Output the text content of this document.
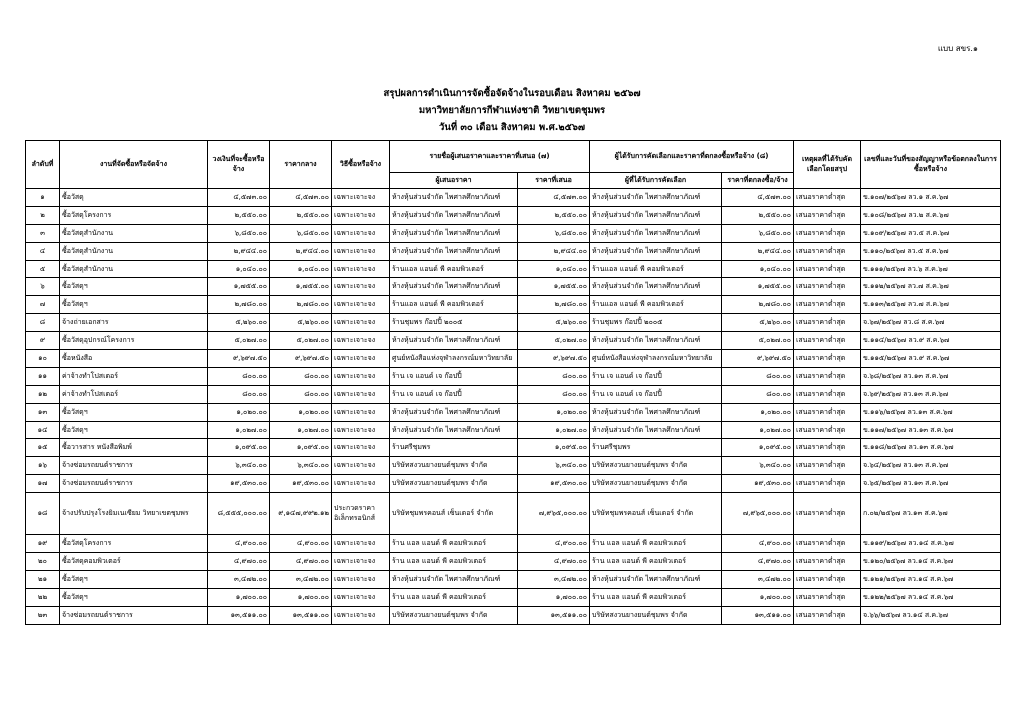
แบบ สขร.๑
สรุปผลการดำเนินการจัดซื้อจัดจ้างในรอบเดือน สิงหาคม ๒๕๖๗
มหาวิทยาลัยการกีฬาแห่งชาติ วิทยาเขตชุมพร
วันที่ ๓๐ เดือน สิงหาคม พ.ศ.๒๕๖๗
ลำดับที่	งานที่จัดซื้อหรือจัดจ้าง	วงเงินที่จะซื้อหรือจ้าง	ราคากลาง	วิธีซื้อหรือจ้าง	รายชื่อผู้เสนอราคาและราคาที่เสนอ (๗)		ผู้ได้รับการคัดเลือกและราคาที่ตกลงซื้อหรือจ้าง (๘)		เหตุผลที่ได้รับคัดเลือกโดยสรุป	เลขที่และวันที่ของสัญญาหรือข้อตกลงในการซื้อหรือจ้าง
					ผู้เสนอราคา	ราคาที่เสนอ	ผู้ที่ได้รับการคัดเลือก	ราคาที่ตกลงซื้อ/จ้าง		
๑	ซื้อวัสดุ	๔,๕๗๓.๐๐	๔,๕๗๓.๐๐	เฉพาะเจาะจง	ห้างหุ้นส่วนจำกัด ไพศาลศึกษาภัณฑ์	๔,๕๗๓.๐๐	ห้างหุ้นส่วนจำกัด ไพศาลศึกษาภัณฑ์	๔,๕๗๓.๐๐	เสนอราคาต่ำสุด	ข.๑๐๗/๒๕๖๗ ลว.๑ ส.ค.๖๗
๒	ซื้อวัสดุโครงการ	๒,๕๕๐.๐๐	๒,๕๕๐.๐๐	เฉพาะเจาะจง	ห้างหุ้นส่วนจำกัด ไพศาลศึกษาภัณฑ์	๒,๕๕๐.๐๐	ห้างหุ้นส่วนจำกัด ไพศาลศึกษาภัณฑ์	๒,๕๕๐.๐๐	เสนอราคาต่ำสุด	ข.๑๐๘/๒๕๖๗ ลว.๒ ส.ค.๖๗
๓	ซื้อวัสดุสำนักงาน	๖,๘๕๐.๐๐	๖,๘๕๐.๐๐	เฉพาะเจาะจง	ห้างหุ้นส่วนจำกัด ไพศาลศึกษาภัณฑ์	๖,๘๕๐.๐๐	ห้างหุ้นส่วนจำกัด ไพศาลศึกษาภัณฑ์	๖,๘๕๐.๐๐	เสนอราคาต่ำสุด	ข.๑๐๙/๒๕๖๗ ลว.๕ ส.ค.๖๗
๔	ซื้อวัสดุสำนักงาน	๒,๙๔๔.๐๐	๒,๙๔๔.๐๐	เฉพาะเจาะจง	ห้างหุ้นส่วนจำกัด ไพศาลศึกษาภัณฑ์	๒,๙๔๔.๐๐	ห้างหุ้นส่วนจำกัด ไพศาลศึกษาภัณฑ์	๒,๙๔๔.๐๐	เสนอราคาต่ำสุด	ข.๑๑๐/๒๕๖๗ ลว.๕ ส.ค.๖๗
๕	ซื้อวัสดุสำนักงาน	๑,๐๔๐.๐๐	๑,๐๔๐.๐๐	เฉพาะเจาะจง	ร้านแอล แอนด์ พี คอมพิวเตอร์	๑,๐๔๐.๐๐	ร้านแอล แอนด์ พี คอมพิวเตอร์	๑,๐๔๐.๐๐	เสนอราคาต่ำสุด	ข.๑๑๑/๒๕๖๗ ลว.๖ ส.ค.๖๗
๖	ซื้อวัสดุฯ	๑,๗๕๕.๐๐	๑,๗๕๕.๐๐	เฉพาะเจาะจง	ห้างหุ้นส่วนจำกัด ไพศาลศึกษาภัณฑ์	๑,๗๕๕.๐๐	ห้างหุ้นส่วนจำกัด ไพศาลศึกษาภัณฑ์	๑,๗๕๕.๐๐	เสนอราคาต่ำสุด	ข.๑๑๒/๒๕๖๗ ลว.๗ ส.ค.๖๗
๗	ซื้อวัสดุฯ	๒,๗๘๐.๐๐	๒,๗๘๐.๐๐	เฉพาะเจาะจง	ร้านแอล แอนด์ พี คอมพิวเตอร์	๒,๗๘๐.๐๐	ร้านแอล แอนด์ พี คอมพิวเตอร์	๒,๗๘๐.๐๐	เสนอราคาต่ำสุด	ข.๑๑๓/๒๕๖๗ ลว.๗ ส.ค.๖๗
๘	จ้างถ่ายเอกสาร	๕,๒๖๐.๐๐	๕,๒๖๐.๐๐	เฉพาะเจาะจง	ร้านชุมพร ก๊อปปี้ ๒๐๐๕	๕,๒๖๐.๐๐	ร้านชุมพร ก๊อปปี้ ๒๐๐๕	๕,๒๖๐.๐๐	เสนอราคาต่ำสุด	จ.๖๗/๒๕๖๗ ลว.๘ ส.ค.๖๗
๙	ซื้อวัสดุอุปกรณ์โครงการ	๕,๐๒๗.๐๐	๕,๐๒๗.๐๐	เฉพาะเจาะจง	ห้างหุ้นส่วนจำกัด ไพศาลศึกษาภัณฑ์	๕,๐๒๗.๐๐	ห้างหุ้นส่วนจำกัด ไพศาลศึกษาภัณฑ์	๕,๐๒๗.๐๐	เสนอราคาต่ำสุด	ข.๑๑๔/๒๕๖๗ ลว.๙ ส.ค.๖๗
๑๐	ซื้อหนังสือ	๙,๖๙๗.๕๐	๙,๖๙๗.๕๐	เฉพาะเจาะจง	ศูนย์หนังสือแห่งจุฬาลงกรณ์มหาวิทยาลัย	๙,๖๙๗.๕๐	ศูนย์หนังสือแห่งจุฬาลงกรณ์มหาวิทยาลัย	๙,๖๙๗.๕๐	เสนอราคาต่ำสุด	ข.๑๑๕/๒๕๖๗ ลว.๙ ส.ค.๖๗
๑๑	ค่าจ้างทำโปสเตอร์	๘๐๐.๐๐	๘๐๐.๐๐	เฉพาะเจาะจง	ร้าน เจ แอนด์ เจ ก๊อปปี้	๘๐๐.๐๐	ร้าน เจ แอนด์ เจ ก๊อปปี้	๘๐๐.๐๐	เสนอราคาต่ำสุด	จ.๖๘/๒๕๖๗ ลว.๑๓ ส.ค.๖๗
๑๒	ค่าจ้างทำโปสเตอร์	๘๐๐.๐๐	๘๐๐.๐๐	เฉพาะเจาะจง	ร้าน เจ แอนด์ เจ ก๊อปปี้	๘๐๐.๐๐	ร้าน เจ แอนด์ เจ ก๊อปปี้	๘๐๐.๐๐	เสนอราคาต่ำสุด	จ.๖๙/๒๕๖๗ ลว.๑๓ ส.ค.๖๗
๑๓	ซื้อวัสดุฯ	๑,๐๒๐.๐๐	๑,๐๒๐.๐๐	เฉพาะเจาะจง	ห้างหุ้นส่วนจำกัด ไพศาลศึกษาภัณฑ์	๑,๐๒๐.๐๐	ห้างหุ้นส่วนจำกัด ไพศาลศึกษาภัณฑ์	๑,๐๒๐.๐๐	เสนอราคาต่ำสุด	ข.๑๑๖/๒๕๖๗ ลว.๑๓ ส.ค.๖๗
๑๔	ซื้อวัสดุฯ	๑,๐๒๗.๐๐	๑,๐๒๗.๐๐	เฉพาะเจาะจง	ห้างหุ้นส่วนจำกัด ไพศาลศึกษาภัณฑ์	๑,๐๒๗.๐๐	ห้างหุ้นส่วนจำกัด ไพศาลศึกษาภัณฑ์	๑,๐๒๗.๐๐	เสนอราคาต่ำสุด	ข.๑๑๗/๒๕๖๗ ลว.๑๓ ส.ค.๖๗
๑๕	ซื้อวารสาร หนังสือพิมพ์	๑,๐๙๕.๐๐	๑,๐๙๕.๐๐	เฉพาะเจาะจง	ร้านศรีชุมพร	๑,๐๙๕.๐๐	ร้านศรีชุมพร	๑,๐๙๕.๐๐	เสนอราคาต่ำสุด	ข.๑๑๘/๒๕๖๗ ลว.๑๓ ส.ค.๖๗
๑๖	จ้างซ่อมรถยนต์ราชการ	๖,๓๔๐.๐๐	๖,๓๔๐.๐๐	เฉพาะเจาะจง	บริษัทสงวนยางยนต์ชุมพร จำกัด	๖,๓๔๐.๐๐	บริษัทสงวนยางยนต์ชุมพร จำกัด	๖,๓๔๐.๐๐	เสนอราคาต่ำสุด	จ.๖๔/๒๕๖๗ ลว.๑๓ ส.ค.๖๗
๑๗	จ้างซ่อมรถยนต์ราชการ	๑๙,๕๓๐.๐๐	๑๙,๕๓๐.๐๐	เฉพาะเจาะจง	บริษัทสงวนยางยนต์ชุมพร จำกัด	๑๙,๕๓๐.๐๐	บริษัทสงวนยางยนต์ชุมพร จำกัด	๑๙,๕๓๐.๐๐	เสนอราคาต่ำสุด	จ.๖๕/๒๕๖๗ ลว.๑๓ ส.ค.๖๗
๑๘	จ้างปรับปรุงโรงยิมเนเซียม วิทยาเขตชุมพร	๘,๕๕๕,๐๐๐.๐๐	๙,๑๔๗,๙๙๒.๑๒	ประกวดราคาอิเล็กทรอนิกส์	บริษัทชุมพรคอนส์ เซ็นเตอร์ จำกัด	๗,๙๖๕,๐๐๐.๐๐	บริษัทชุมพรคอนส์ เซ็นเตอร์ จำกัด	๗,๙๖๕,๐๐๐.๐๐	เสนอราคาต่ำสุด	ก.๐๒/๒๕๖๗ ลว.๑๓ ส.ค.๖๗
๑๙	ซื้อวัสดุโครงการ	๔,๙๐๐.๐๐	๔,๙๐๐.๐๐	เฉพาะเจาะจง	ร้าน แอล แอนด์ พี คอมพิวเตอร์	๔,๙๐๐.๐๐	ร้าน แอล แอนด์ พี คอมพิวเตอร์	๔,๙๐๐.๐๐	เสนอราคาต่ำสุด	ข.๑๑๙/๒๕๖๗ ลว.๑๔ ส.ค.๖๗
๒๐	ซื้อวัสดุคอมพิวเตอร์	๔,๙๗๐.๐๐	๔,๙๗๐.๐๐	เฉพาะเจาะจง	ร้าน แอล แอนด์ พี คอมพิวเตอร์	๔,๙๗๐.๐๐	ร้าน แอล แอนด์ พี คอมพิวเตอร์	๔,๙๗๐.๐๐	เสนอราคาต่ำสุด	ข.๑๒๐/๒๕๖๗ ลว.๑๔ ส.ค.๖๗
๒๑	ซื้อวัสดุฯ	๓,๔๗๒.๐๐	๓,๔๗๒.๐๐	เฉพาะเจาะจง	ห้างหุ้นส่วนจำกัด ไพศาลศึกษาภัณฑ์	๓,๔๗๒.๐๐	ห้างหุ้นส่วนจำกัด ไพศาลศึกษาภัณฑ์	๓,๔๗๒.๐๐	เสนอราคาต่ำสุด	ข.๑๒๑/๒๕๖๗ ลว.๑๔ ส.ค.๖๗
๒๒	ซื้อวัสดุฯ	๑,๗๐๐.๐๐	๑,๗๐๐.๐๐	เฉพาะเจาะจง	ร้าน แอล แอนด์ พี คอมพิวเตอร์	๑,๗๐๐.๐๐	ร้าน แอล แอนด์ พี คอมพิวเตอร์	๑,๗๐๐.๐๐	เสนอราคาต่ำสุด	ข.๑๒๒/๒๕๖๗ ลว.๑๔ ส.ค.๖๗
๒๓	จ้างซ่อมรถยนต์ราชการ	๑๓,๕๑๑.๐๐	๑๓,๕๑๑.๐๐	เฉพาะเจาะจง	บริษัทสงวนยางยนต์ชุมพร จำกัด	๑๓,๕๑๑.๐๐	บริษัทสงวนยางยนต์ชุมพร จำกัด	๑๓,๕๑๑.๐๐	เสนอราคาต่ำสุด	จ.๖๖/๒๕๖๗ ลว.๑๔ ส.ค.๖๗
